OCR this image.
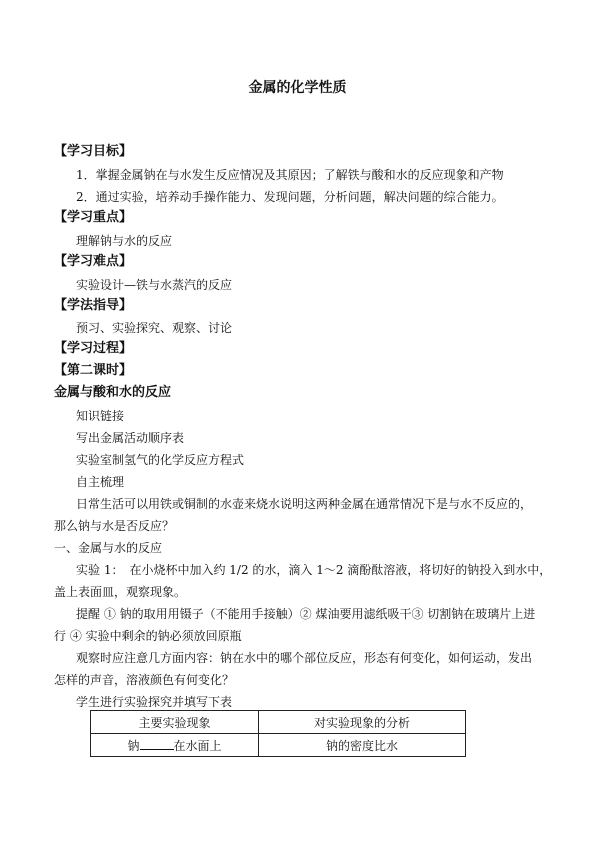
金属的化学性质
【学习目标】
1．掌握金属钠在与水发生反应情况及其原因；了解铁与酸和水的反应现象和产物
2．通过实验，培养动手操作能力、发现问题，分析问题，解决问题的综合能力。
【学习重点】
理解钠与水的反应
【学习难点】
实验设计—铁与水蒸汽的反应
【学法指导】
预习、实验探究、观察、讨论
【学习过程】
【第二课时】
金属与酸和水的反应
知识链接
写出金属活动顺序表
实验室制氢气的化学反应方程式
自主梳理
日常生活可以用铁或铜制的水壶来烧水说明这两种金属在通常情况下是与水不反应的，
那么钠与水是否反应？
一、金属与水的反应
实验 1：　在小烧杯中加入约 1/2 的水，滴入 1～2 滴酚酞溶液，将切好的钠投入到水中，
盖上表面皿，观察现象。
提醒 ① 钠的取用用镊子（不能用手接触）② 煤油要用滤纸吸干③ 切割钠在玻璃片上进
行 ④ 实验中剩余的钠必须放回原瓶
观察时应注意几方面内容：钠在水中的哪个部位反应，形态有何变化，如何运动，发出
怎样的声音，溶液颜色有何变化？
学生进行实验探究并填写下表
主要实验现象	对实验现象的分析
钠 在水面上	钠的密度比水
